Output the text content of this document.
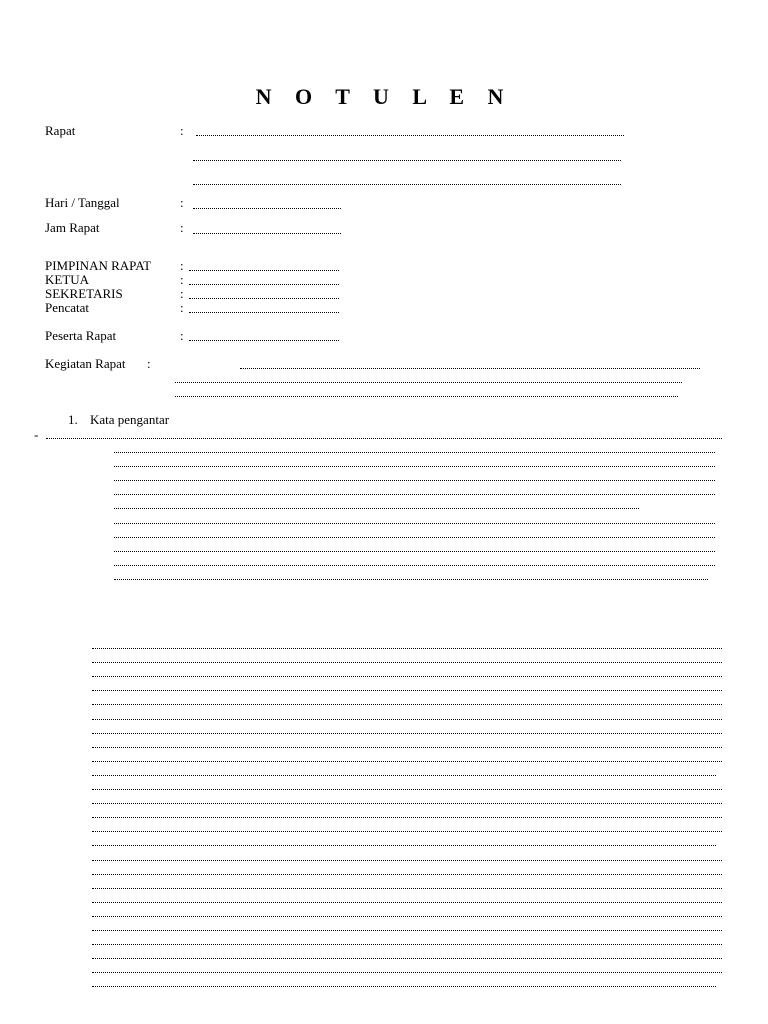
N O T U L E N
Rapat	:
Hari / Tanggal	:
Jam Rapat	:
PIMPINAN RAPAT :
KETUA	:
SEKRETARIS	:
Pencatat	:
Peserta Rapat	:
Kegiatan Rapat :
1. Kata pengantar
-
